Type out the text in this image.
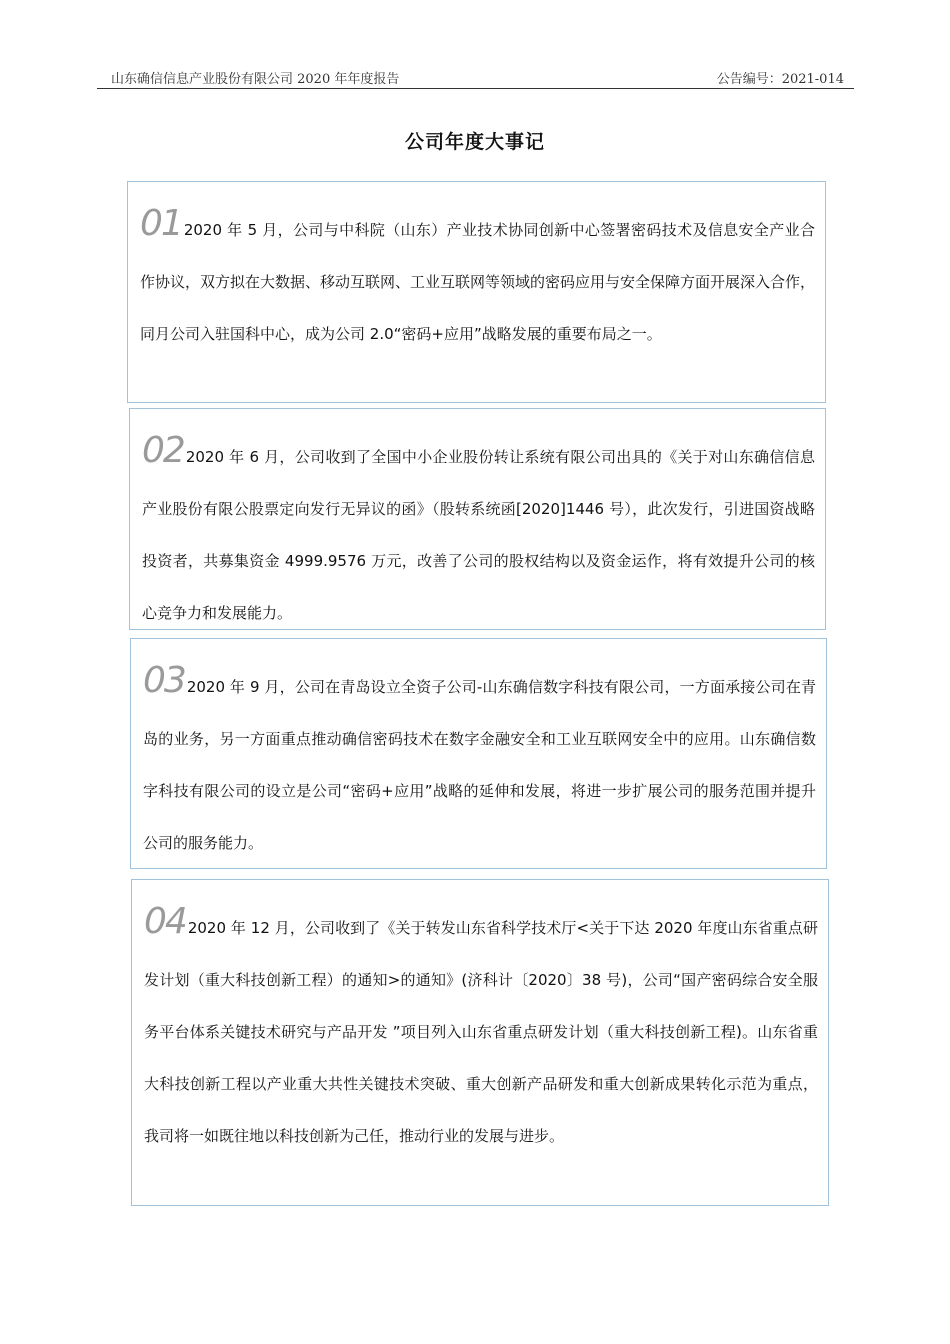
山东确信信息产业股份有限公司 2020 年年度报告	公告编号：2021-014
公司年度大事记

01 2020 年 5 月，公司与中科院（山东）产业技术协同创新中心签署密码技术及信息安全产业合作协议，双方拟在大数据、移动互联网、工业互联网等领域的密码应用与安全保障方面开展深入合作，同月公司入驻国科中心，成为公司 2.0“密码+应用”战略发展的重要布局之一。

02 2020 年 6 月，公司收到了全国中小企业股份转让系统有限公司出具的《关于对山东确信信息产业股份有限公股票定向发行无异议的函》（股转系统函[2020]1446 号），此次发行，引进国资战略投资者，共募集资金 4999.9576 万元，改善了公司的股权结构以及资金运作，将有效提升公司的核心竞争力和发展能力。

03 2020 年 9 月，公司在青岛设立全资子公司-山东确信数字科技有限公司，一方面承接公司在青岛的业务，另一方面重点推动确信密码技术在数字金融安全和工业互联网安全中的应用。山东确信数字科技有限公司的设立是公司“密码+应用”战略的延伸和发展，将进一步扩展公司的服务范围并提升公司的服务能力。

04 2020 年 12 月，公司收到了《关于转发山东省科学技术厅<关于下达 2020 年度山东省重点研发计划（重大科技创新工程）的通知>的通知》(济科计〔2020〕38 号)，公司“国产密码综合安全服务平台体系关键技术研究与产品开发 ”项目列入山东省重点研发计划（重大科技创新工程)。山东省重大科技创新工程以产业重大共性关键技术突破、重大创新产品研发和重大创新成果转化示范为重点，我司将一如既往地以科技创新为己任，推动行业的发展与进步。
